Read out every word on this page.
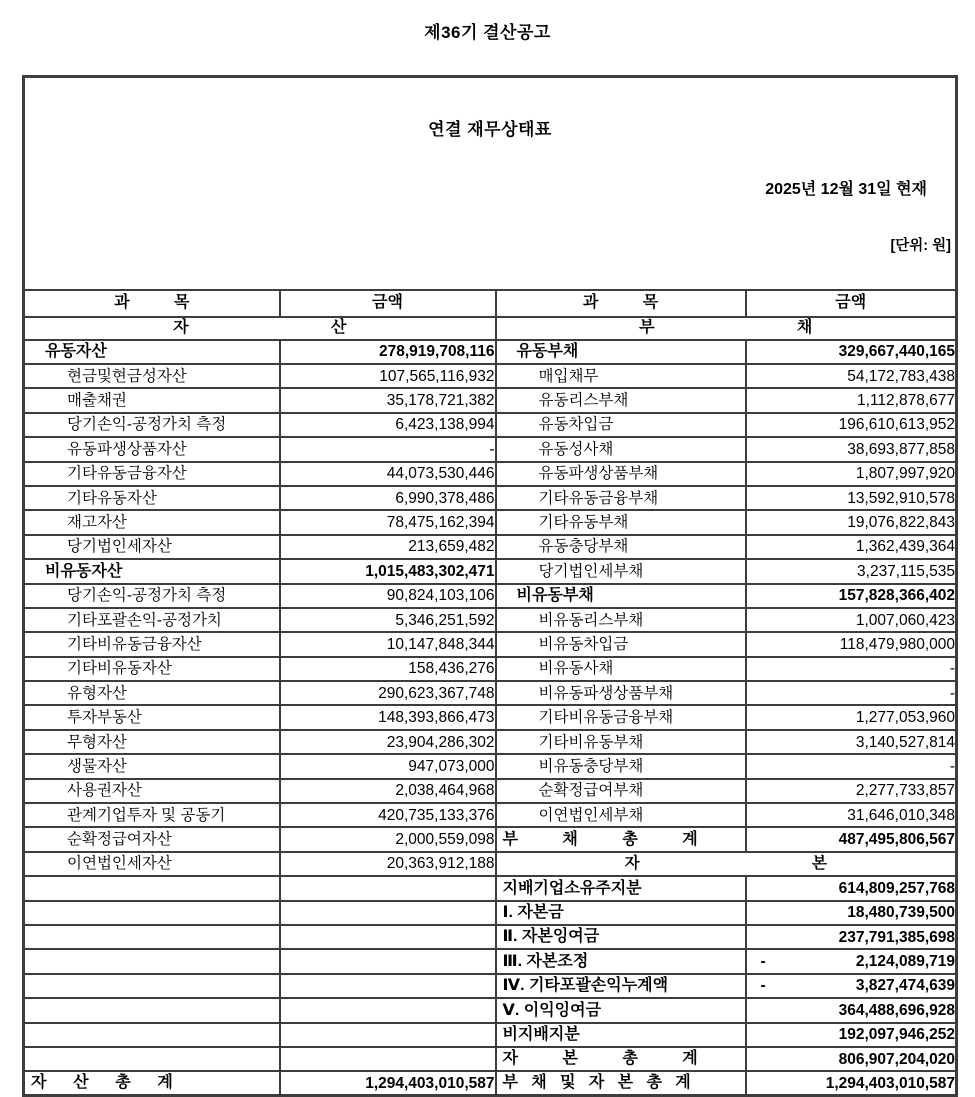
제36기 결산공고

연결 재무상태표

2025년 12월 31일 현재

[단위: 원]			

과          목	금액	과          목	금액
자                                산		부                                채	
유동자산	278,919,708,116	유동부채	329,667,440,165
현금및현금성자산	107,565,116,932	매입채무	54,172,783,438
매출채권	35,178,721,382	유동리스부채	1,112,878,677
당기손익-공정가치 측정	6,423,138,994	유동차입금	196,610,613,952
유동파생상품자산	-	유동성사채	38,693,877,858
기타유동금융자산	44,073,530,446	유동파생상품부채	1,807,997,920
기타유동자산	6,990,378,486	기타유동금융부채	13,592,910,578
재고자산	78,475,162,394	기타유동부채	19,076,822,843
당기법인세자산	213,659,482	유동충당부채	1,362,439,364
비유동자산	1,015,483,302,471	당기법인세부채	3,237,115,535
당기손익-공정가치 측정	90,824,103,106	비유동부채	157,828,366,402
기타포괄손익-공정가치	5,346,251,592	비유동리스부채	1,007,060,423
기타비유동금융자산	10,147,848,344	비유동차입금	118,479,980,000
기타비유동자산	158,436,276	비유동사채	-
유형자산	290,623,367,748	비유동파생상품부채	-
투자부동산	148,393,866,473	기타비유동금융부채	1,277,053,960
무형자산	23,904,286,302	기타비유동부채	3,140,527,814
생물자산	947,073,000	비유동충당부채	-
사용권자산	2,038,464,968	순확정급여부채	2,277,733,857
관계기업투자 및 공동기	420,735,133,376	이연법인세부채	31,646,010,348
순확정급여자산	2,000,559,098	부          채          총          계	487,495,806,567
이연법인세자산	20,363,912,188	자                                        본	
		지배기업소유주지분	614,809,257,768
		Ⅰ. 자본금	18,480,739,500
		Ⅱ. 자본잉여금	237,791,385,698
		Ⅲ. 자본조정	- 2,124,089,719

		Ⅳ. 기타포괄손익누계액	- 3,827,474,639

		Ⅴ. 이익잉여금	364,488,696,928
		비지배지분	192,097,946,252
		자          본          총          계	806,907,204,020
자      산      총      계	1,294,403,010,587	부   채   및   자   본   총   계	1,294,403,010,587
